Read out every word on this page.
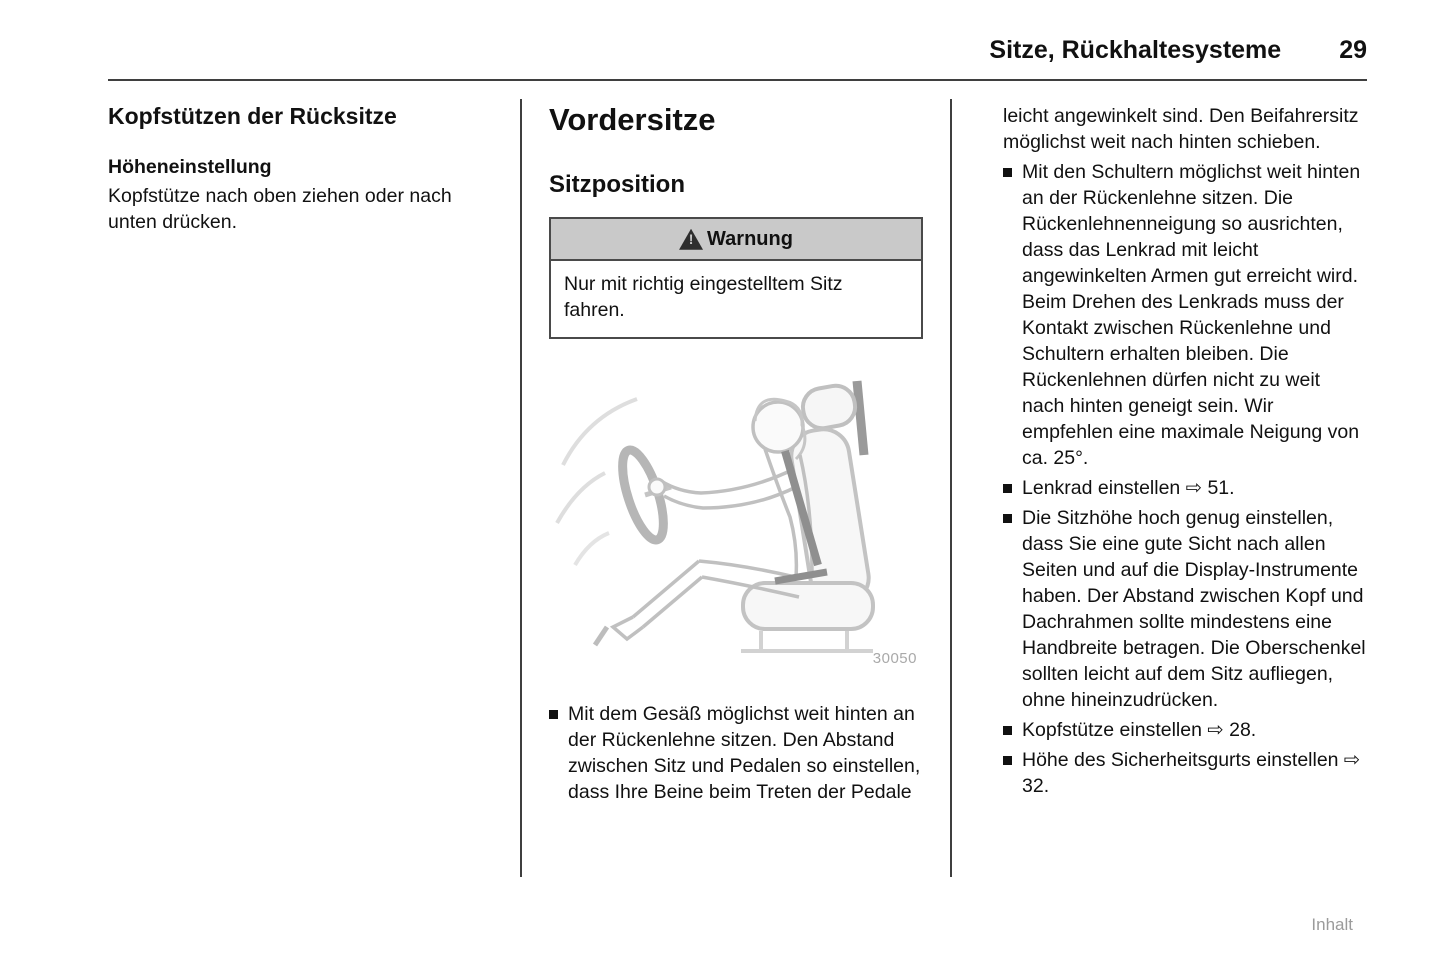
Sitze, Rückhaltesysteme 29
Kopfstützen der Rücksitze
Höheneinstellung

Kopfstütze nach oben ziehen oder nach unten drücken.

Vordersitze
Sitzposition
!
Warnung
Nur mit richtig eingestelltem Sitz fahren.
30050
Mit dem Gesäß möglichst weit hinten an der Rückenlehne sitzen. Den Abstand zwischen Sitz und Pedalen so einstellen, dass Ihre Beine beim Treten der Pedale

leicht angewinkelt sind. Den Beifahrersitz möglichst weit nach hinten schieben.

Mit den Schultern möglichst weit hinten an der Rückenlehne sitzen. Die Rückenlehnenneigung so ausrichten, dass das Lenkrad mit leicht angewinkelten Armen gut erreicht wird. Beim Drehen des Lenkrads muss der Kontakt zwischen Rückenlehne und Schultern erhalten bleiben. Die Rückenlehnen dürfen nicht zu weit nach hinten geneigt sein. Wir empfehlen eine maximale Neigung von ca. 25°.
Lenkrad einstellen ⇨ 51.
Die Sitzhöhe hoch genug einstellen, dass Sie eine gute Sicht nach allen Seiten und auf die Display-Instrumente haben. Der Abstand zwischen Kopf und Dachrahmen sollte mindestens eine Handbreite betragen. Die Oberschenkel sollten leicht auf dem Sitz aufliegen, ohne hineinzudrücken.
Kopfstütze einstellen ⇨ 28.
Höhe des Sicherheitsgurts einstellen ⇨ 32.
Inhalt
